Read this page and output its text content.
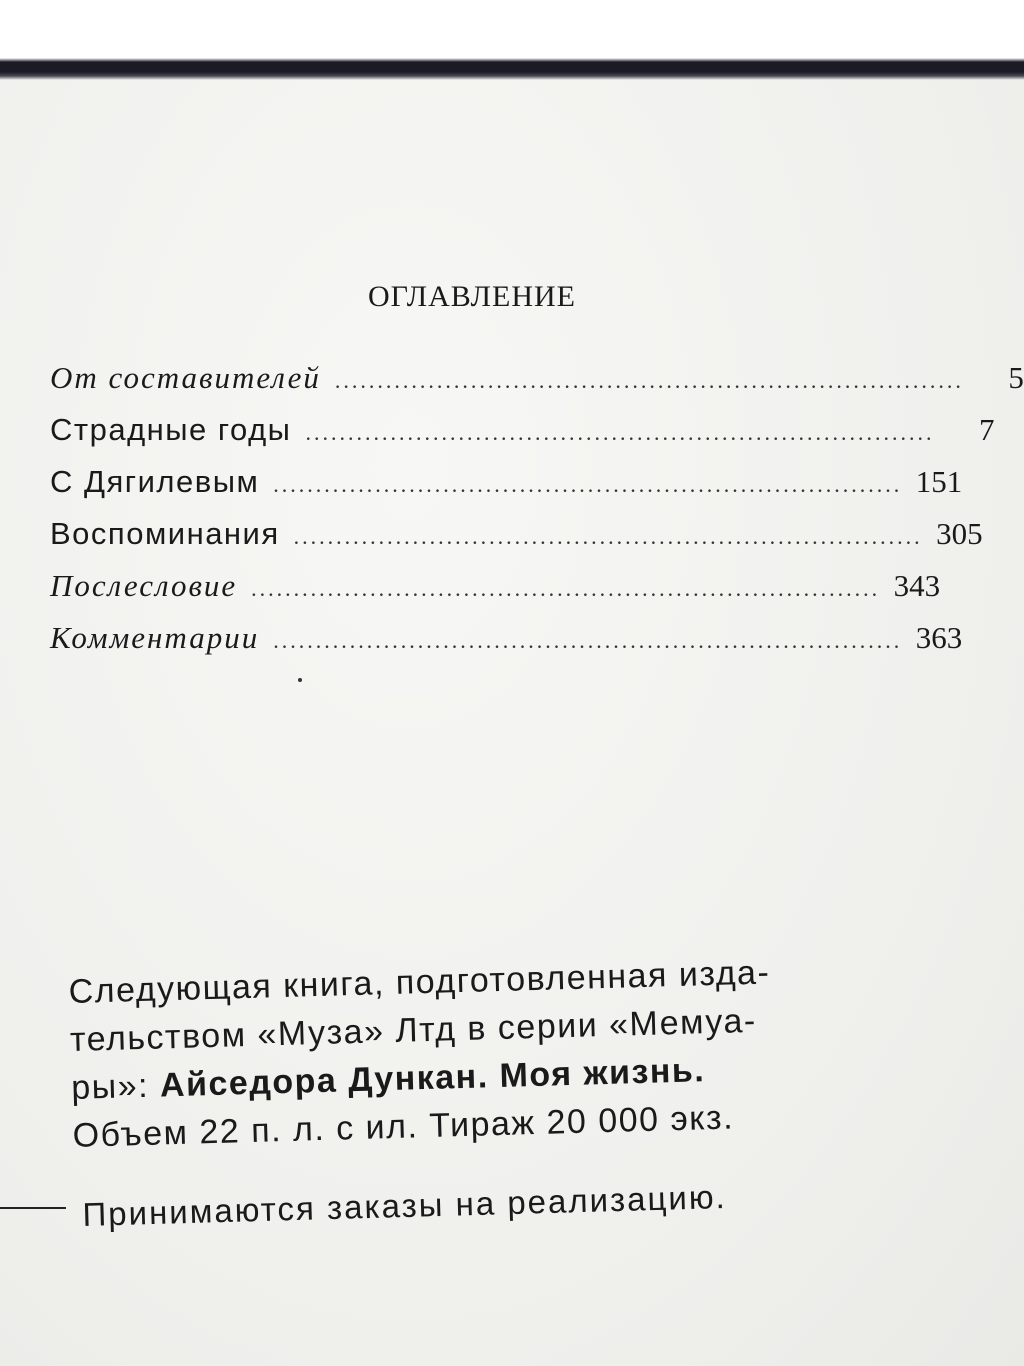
ОГЛАВЛЕНИЕ
От составителей ..........................................................................	5
Страдные годы ..........................................................................	7
С Дягилевым .......................................................................... 151
Воспоминания .......................................................................... 305
Послесловие .......................................................................... 343
Комментарии .......................................................................... 363

Следующая книга, подготовленная изда-

тельством «Муза» Лтд в серии «Мемуа-

ры»: Айседора Дункан. Моя жизнь.

Объем 22 п. л. с ил. Тираж 20 000 экз.

Принимаются заказы на реализацию.
